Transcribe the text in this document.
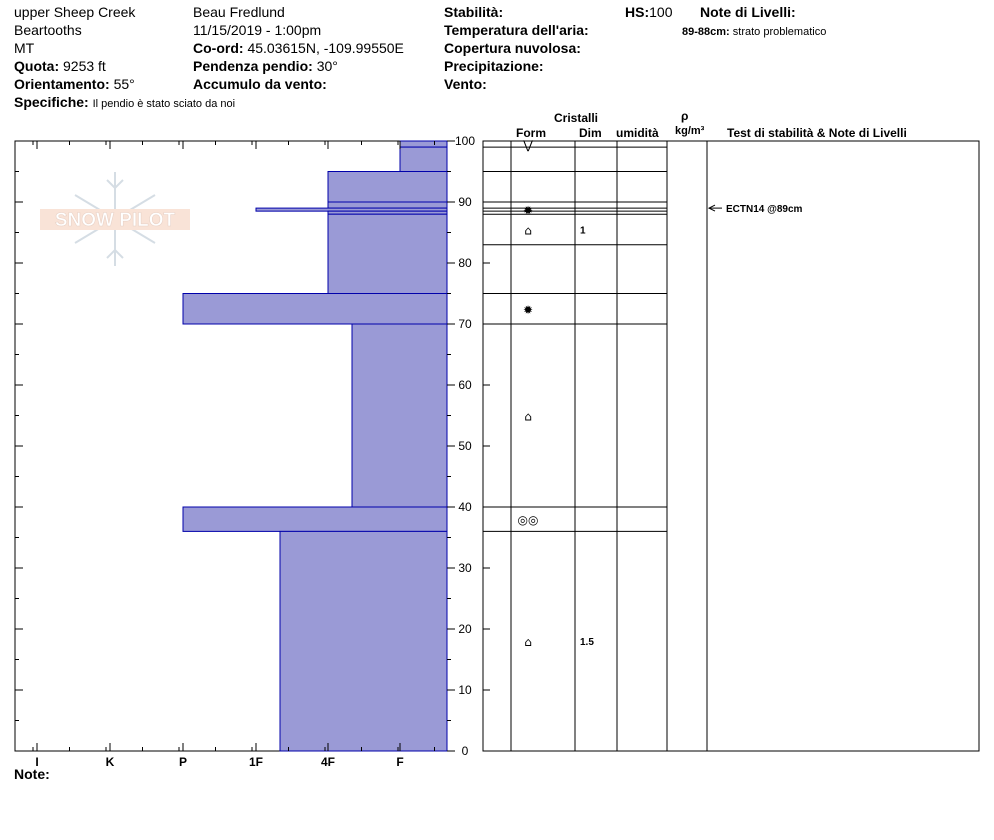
upper Sheep Creek
Beartooths
MT
Quota: 9253 ft
Orientamento: 55°
Specifiche: Il pendio è stato sciato da noi
Beau Fredlund
11/15/2019 - 1:00pm
Co-ord: 45.03615N, -109.99550E
Pendenza pendio: 30°
Accumulo da vento:
Stabilità:
Temperatura dell'aria:
Copertura nuvolosa:
Precipitazione:
Vento:
HS:100 Note di Livelli:
89-88cm: strato problematico
Cristalli
Form	Dim umidità
ρ
kg/m³ Test di stabilità & Note di Livelli
Note:
SNOW PILOT
I	K	P	1F	4F	F
0
10
20
30
40
50
60
70
80
90
100	⋁
✹
⌂	1
✹
⌂
◎◎
⌂	1.5
ECTN14 @89cm
